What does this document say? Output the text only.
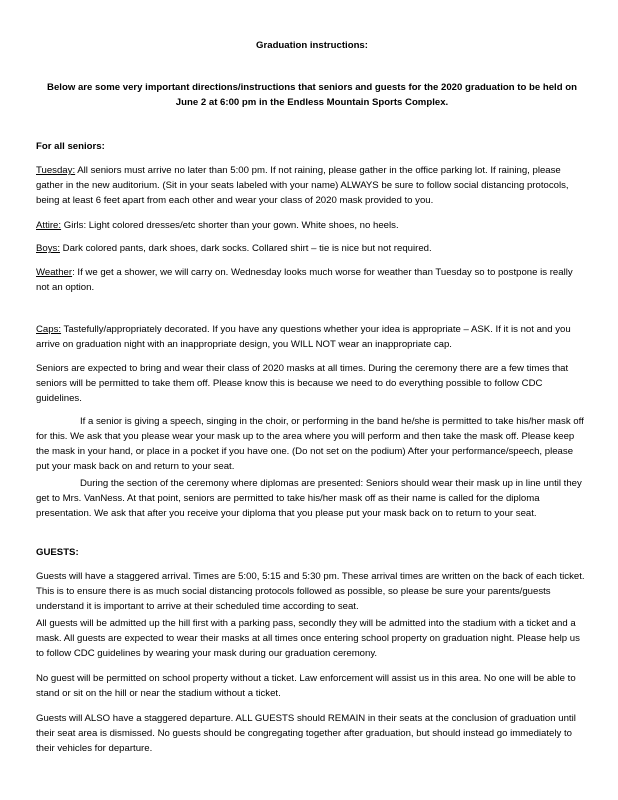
Graduation instructions:

Below are some very important directions/instructions that seniors and guests for the 2020 graduation to be held on June 2 at 6:00 pm in the Endless Mountain Sports Complex.

For all seniors:

Tuesday: All seniors must arrive no later than 5:00 pm. If not raining, please gather in the office parking lot. If raining, please gather in the new auditorium. (Sit in your seats labeled with your name) ALWAYS be sure to follow social distancing protocols, being at least 6 feet apart from each other and wear your class of 2020 mask provided to you.

Attire: Girls: Light colored dresses/etc shorter than your gown. White shoes, no heels.

Boys: Dark colored pants, dark shoes, dark socks. Collared shirt – tie is nice but not required.

Weather: If we get a shower, we will carry on. Wednesday looks much worse for weather than Tuesday so to postpone is really not an option.

Caps: Tastefully/appropriately decorated. If you have any questions whether your idea is appropriate – ASK. If it is not and you arrive on graduation night with an inappropriate design, you WILL NOT wear an inappropriate cap.

Seniors are expected to bring and wear their class of 2020 masks at all times. During the ceremony there are a few times that seniors will be permitted to take them off. Please know this is because we need to do everything possible to follow CDC guidelines.

If a senior is giving a speech, singing in the choir, or performing in the band he/she is permitted to take his/her mask off for this. We ask that you please wear your mask up to the area where you will perform and then take the mask off. Please keep the mask in your hand, or place in a pocket if you have one. (Do not set on the podium) After your performance/speech, please put your mask back on and return to your seat.

During the section of the ceremony where diplomas are presented: Seniors should wear their mask up in line until they get to Mrs. VanNess. At that point, seniors are permitted to take his/her mask off as their name is called for the diploma presentation. We ask that after you receive your diploma that you please put your mask back on to return to your seat.

GUESTS:

Guests will have a staggered arrival. Times are 5:00, 5:15 and 5:30 pm. These arrival times are written on the back of each ticket. This is to ensure there is as much social distancing protocols followed as possible, so please be sure your parents/guests understand it is important to arrive at their scheduled time according to seat.

All guests will be admitted up the hill first with a parking pass, secondly they will be admitted into the stadium with a ticket and a mask. All guests are expected to wear their masks at all times once entering school property on graduation night. Please help us to follow CDC guidelines by wearing your mask during our graduation ceremony.

No guest will be permitted on school property without a ticket. Law enforcement will assist us in this area. No one will be able to stand or sit on the hill or near the stadium without a ticket.

Guests will ALSO have a staggered departure. ALL GUESTS should REMAIN in their seats at the conclusion of graduation until their seat area is dismissed. No guests should be congregating together after graduation, but should instead go immediately to their vehicles for departure.
